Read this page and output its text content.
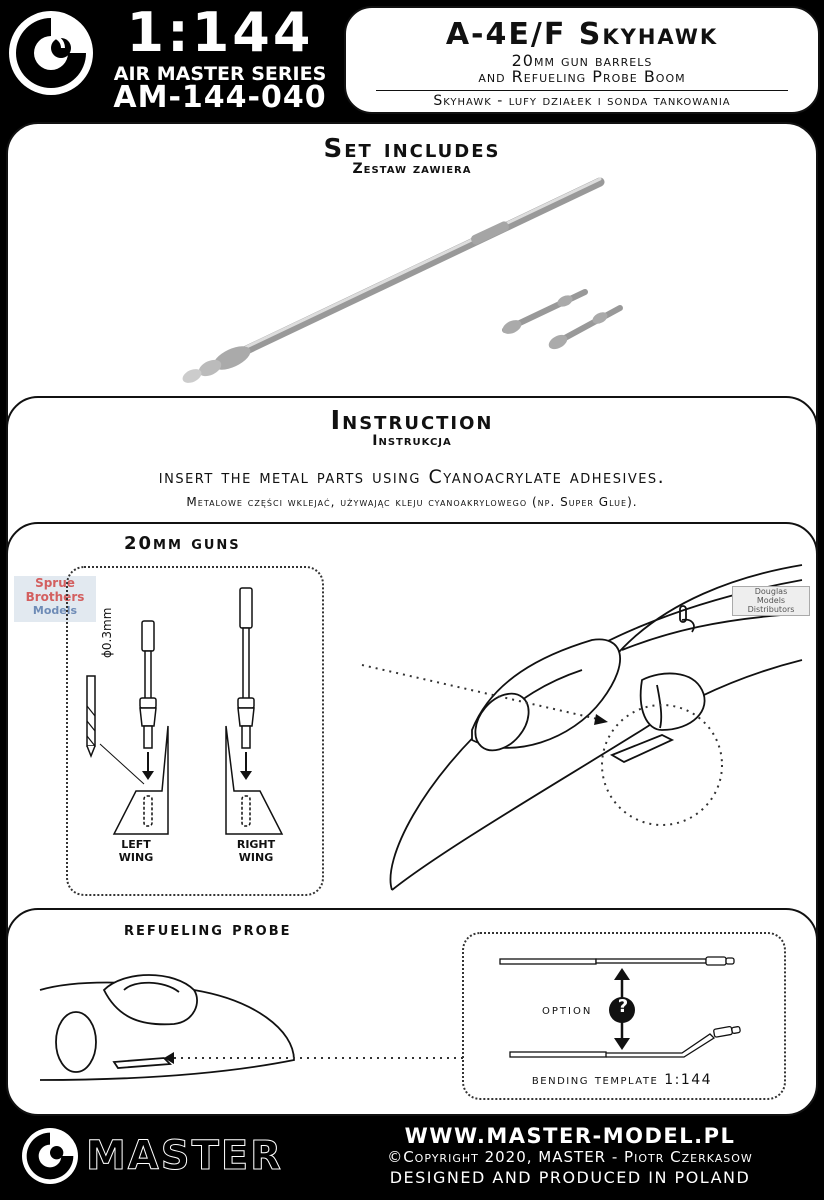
1:144
AIR MASTER SERIES
AM-144-040
A-4E/F Skyhawk
20mm gun barrels
and Refueling Probe Boom
Skyhawk - lufy działek i sonda tankowania
Set includes
Zestaw zawiera
Instruction
Instrukcja
insert the metal parts using Cyanoacrylate adhesives.
Metalowe części wklejać, używając kleju cyanoakrylowego (np. Super Glue).
20mm guns
Sprue
Brothers
Models	ϕ0.3mm
LEFT
WING
RIGHT
WING
Douglas
Models
Distributors
refueling probe
?
option
bending template 1:144
MASTER	WWW.MASTER-MODEL.PL
©Copyright 2020, MASTER - Piotr Czerkasow
DESIGNED AND PRODUCED IN POLAND
